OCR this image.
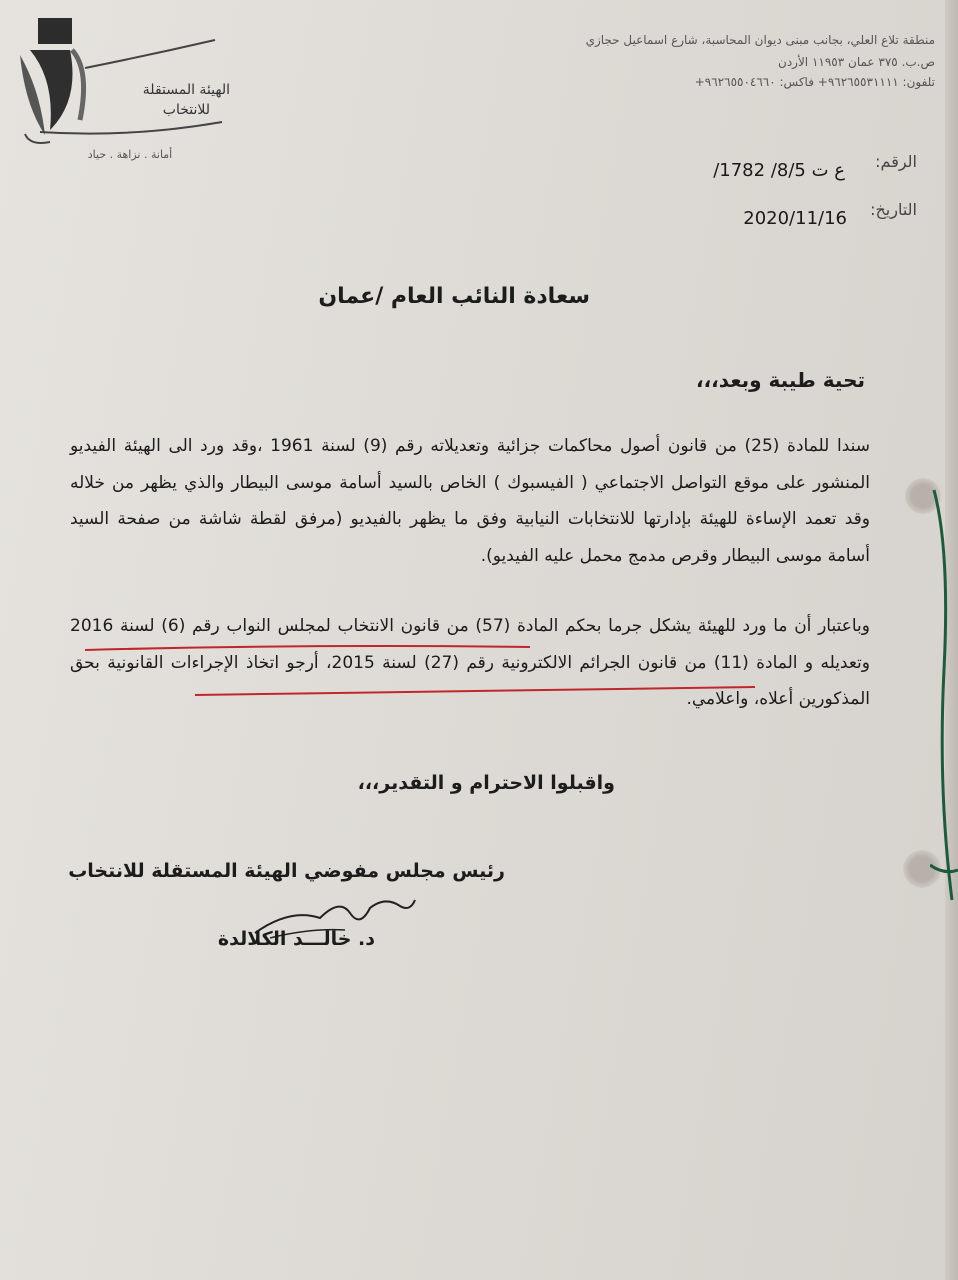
الهيئة المستقلة
للانتخاب
أمانة . نزاهة . حياد
منطقة تلاع العلي، بجانب مبنى ديوان المحاسبة، شارع اسماعيل حجازي
ص.ب. ٣٧٥ عمان ١١٩٥٣ الأردن
تلفون: ٩٦٢٦٥٥٣١١١١+ فاكس: ٩٦٢٦٥٥٠٤٦٦٠+
الرقم:
ع ت 8/5/ 1782/
التاريخ:
2020/11/16
سعادة النائب العام /عمان
تحية طيبة وبعد،،،
سندا للمادة (25) من قانون أصول محاكمات جزائية وتعديلاته رقم (9) لسنة 1961 ،وقد ورد الى الهيئة الفيديو المنشور على موقع التواصل الاجتماعي ( الفيسبوك ) الخاص بالسيد أسامة موسى البيطار والذي يظهر من خلاله وقد تعمد الإساءة للهيئة بإدارتها للانتخابات النيابية وفق ما يظهر بالفيديو (مرفق لقطة شاشة من صفحة السيد أسامة موسى البيطار وقرص مدمج محمل عليه الفيديو).
وباعتبار أن ما ورد للهيئة يشكل جرما بحكم المادة (57) من قانون الانتخاب لمجلس النواب رقم (6) لسنة 2016 وتعديله و المادة (11) من قانون الجرائم الالكترونية رقم (27) لسنة 2015، أرجو اتخاذ الإجراءات القانونية بحق المذكورين أعلاه، واعلامي.
واقبلوا الاحترام و التقدير،،،
رئيس مجلس مفوضي الهيئة المستقلة للانتخاب
د. خالـــد الكلالدة
